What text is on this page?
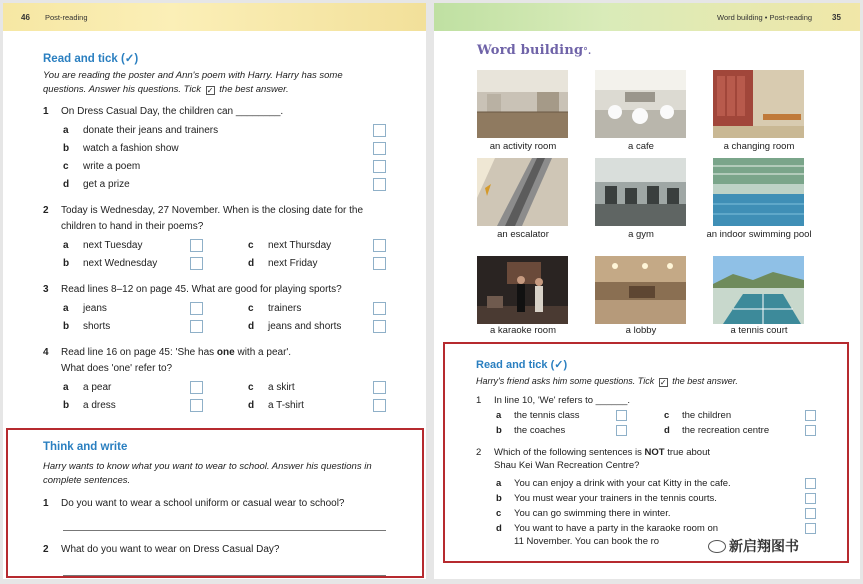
46 Post-reading
Read and tick (✓)
You are reading the poster and Ann's poem with Harry. Harry has some questions. Answer his questions. Tick ✓ the best answer.
1 On Dress Casual Day, the children can ________.
a donate their jeans and trainers
b watch a fashion show
c write a poem
d get a prize
2 Today is Wednesday, 27 November. When is the closing date for the children to hand in their poems?
a next Tuesday	c next Thursday
b next Wednesday	d next Friday
3 Read lines 8–12 on page 45. What are good for playing sports?
a jeans	c trainers
b shorts	d jeans and shorts
4 Read line 16 on page 45: 'She has one with a pear'.
What does 'one' refer to?
a a pear	c a skirt
b a dress	d a T-shirt
Think and write
Harry wants to know what you want to wear to school. Answer his questions in complete sentences.
1 Do you want to wear a school uniform or casual wear to school?
2 What do you want to wear on Dress Casual Day?
Word building • Post-reading 35
Word building°.
an activity room	a cafe	a changing room
an escalator	a gym	an indoor swimming pool
a karaoke room	a lobby	a tennis court
Read and tick (✓)
Harry's friend asks him some questions. Tick ✓ the best answer.
1 In line 10, 'We' refers to ______.
a the tennis class	c the children
b the coaches	d the recreation centre
2 Which of the following sentences is NOT true about
Shau Kei Wan Recreation Centre?
a You can enjoy a drink with your cat Kitty in the cafe.
b You must wear your trainers in the tennis courts.
c You can go swimming there in winter.
d You want to have a party in the karaoke room on
11 November. You can book the ro	新启翔图书
